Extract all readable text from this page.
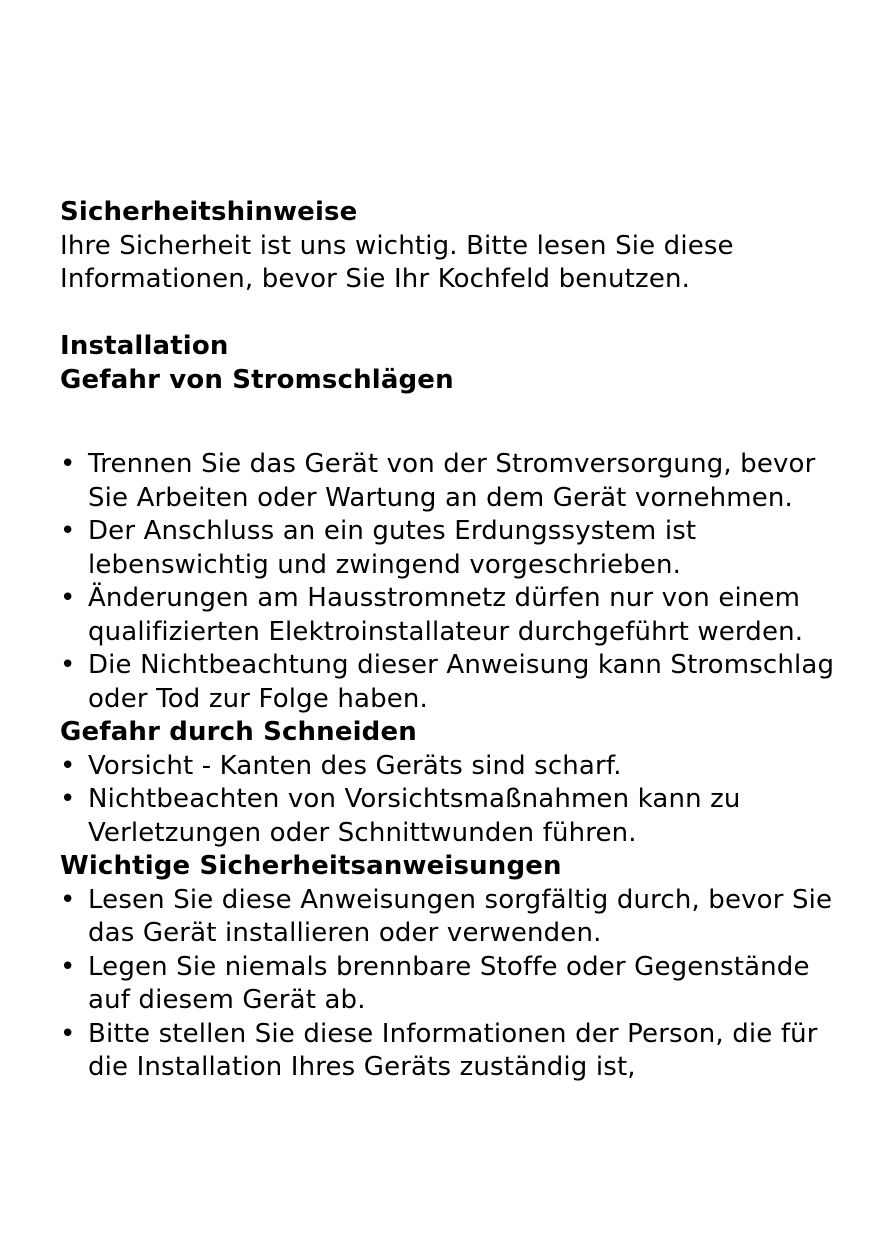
Sicherheitshinweise

Ihre Sicherheit ist uns wichtig. Bitte lesen Sie diese Informationen, bevor Sie Ihr Kochfeld benutzen.

Installation

Gefahr von Stromschlägen

• Trennen Sie das Gerät von der Stromversorgung, bevor Sie Arbeiten oder Wartung an dem Gerät vornehmen.
• Der Anschluss an ein gutes Erdungssystem ist lebenswichtig und zwingend vorgeschrieben.
• Änderungen am Hausstromnetz dürfen nur von einem qualifizierten Elektroinstallateur durchgeführt werden.
• Die Nichtbeachtung dieser Anweisung kann Stromschlag oder Tod zur Folge haben.

Gefahr durch Schneiden

• Vorsicht - Kanten des Geräts sind scharf.
• Nichtbeachten von Vorsichtsmaßnahmen kann zu Verletzungen oder Schnittwunden führen.

Wichtige Sicherheitsanweisungen

• Lesen Sie diese Anweisungen sorgfältig durch, bevor Sie das Gerät installieren oder verwenden.
• Legen Sie niemals brennbare Stoffe oder Gegenstände auf diesem Gerät ab.
• Bitte stellen Sie diese Informationen der Person, die für die Installation Ihres Geräts zuständig ist,
